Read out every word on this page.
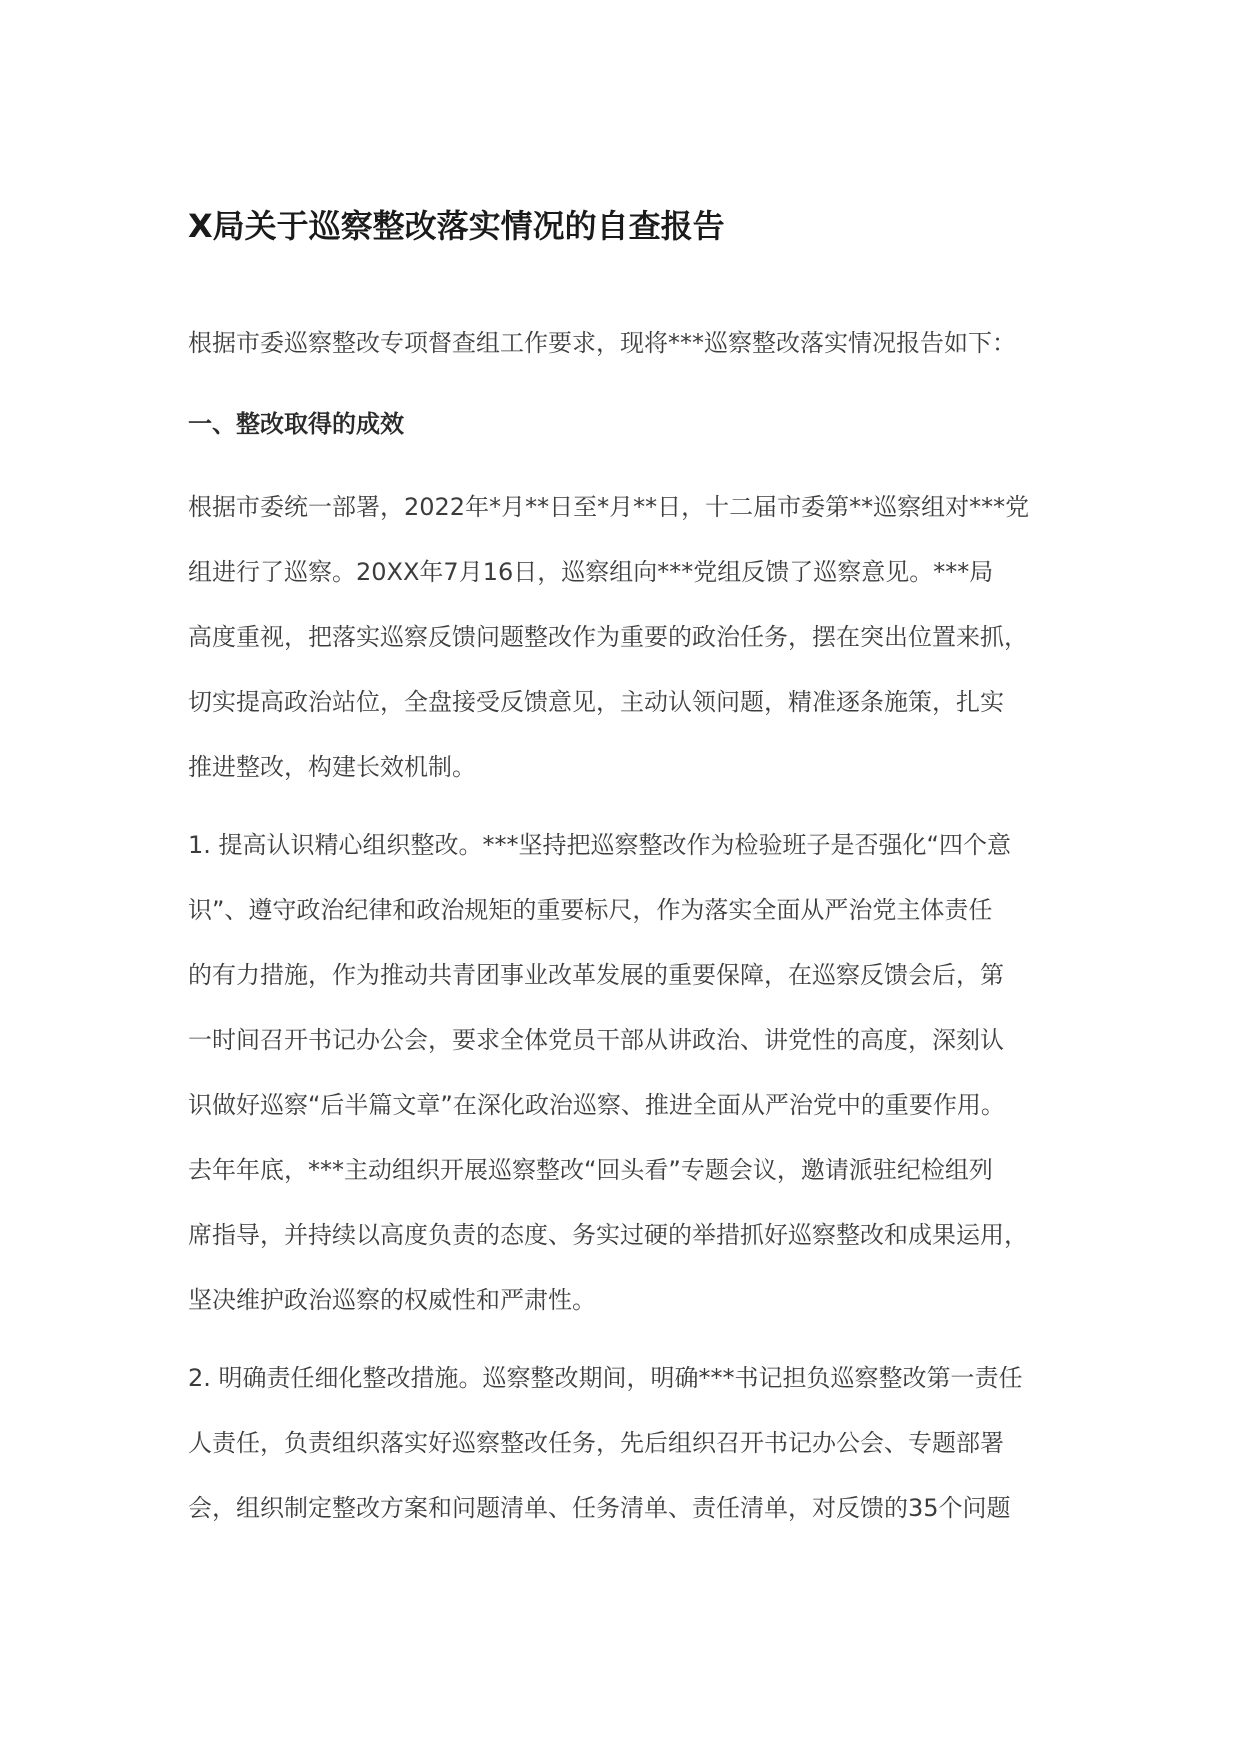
X局关于巡察整改落实情况的自查报告

根据市委巡察整改专项督查组工作要求，现将***巡察整改落实情况报告如下：

一、整改取得的成效

根据市委统一部署，2022年*月**日至*月**日，十二届市委第**巡察组对***党
组进行了巡察。20XX年7月16日，巡察组向***党组反馈了巡察意见。***局
高度重视，把落实巡察反馈问题整改作为重要的政治任务，摆在突出位置来抓，
切实提高政治站位，全盘接受反馈意见，主动认领问题，精准逐条施策，扎实
推进整改，构建长效机制。

1. 提高认识精心组织整改。***坚持把巡察整改作为检验班子是否强化“四个意
识”、遵守政治纪律和政治规矩的重要标尺，作为落实全面从严治党主体责任
的有力措施，作为推动共青团事业改革发展的重要保障，在巡察反馈会后，第
一时间召开书记办公会，要求全体党员干部从讲政治、讲党性的高度，深刻认
识做好巡察“后半篇文章”在深化政治巡察、推进全面从严治党中的重要作用。
去年年底，***主动组织开展巡察整改“回头看”专题会议，邀请派驻纪检组列
席指导，并持续以高度负责的态度、务实过硬的举措抓好巡察整改和成果运用，
坚决维护政治巡察的权威性和严肃性。

2. 明确责任细化整改措施。巡察整改期间，明确***书记担负巡察整改第一责任
人责任，负责组织落实好巡察整改任务，先后组织召开书记办公会、专题部署
会，组织制定整改方案和问题清单、任务清单、责任清单，对反馈的35个问题
